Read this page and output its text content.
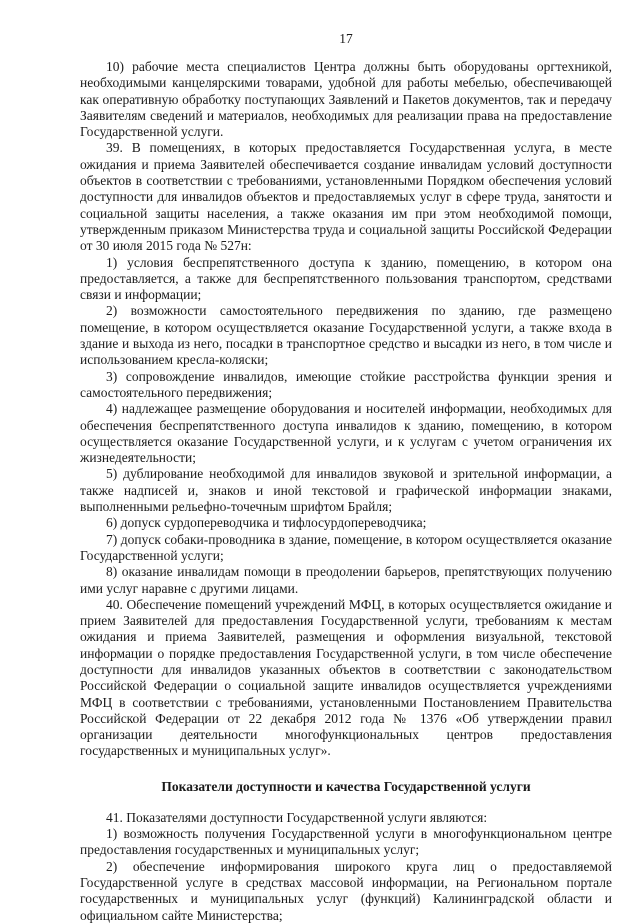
17

10) рабочие места специалистов Центра должны быть оборудованы оргтехникой, необходимыми канцелярскими товарами, удобной для работы мебелью, обеспечивающей как оперативную обработку поступающих Заявлений и Пакетов документов, так и передачу Заявителям сведений и материалов, необходимых для реализации права на предоставление Государственной услуги.

39. В помещениях, в которых предоставляется Государственная услуга, в месте ожидания и приема Заявителей обеспечивается создание инвалидам условий доступности объектов в соответствии с требованиями, установленными Порядком обеспечения условий доступности для инвалидов объектов и предоставляемых услуг в сфере труда, занятости и социальной защиты населения, а также оказания им при этом необходимой помощи, утвержденным приказом Министерства труда и социальной защиты Российской Федерации от 30 июля 2015 года № 527н:

1) условия беспрепятственного доступа к зданию, помещению, в котором она предоставляется, а также для беспрепятственного пользования транспортом, средствами связи и информации;

2) возможности самостоятельного передвижения по зданию, где размещено помещение, в котором осуществляется оказание Государственной услуги, а также входа в здание и выхода из него, посадки в транспортное средство и высадки из него, в том числе и использованием кресла-коляски;

3) сопровождение инвалидов, имеющие стойкие расстройства функции зрения и самостоятельного передвижения;

4) надлежащее размещение оборудования и носителей информации, необходимых для обеспечения беспрепятственного доступа инвалидов к зданию, помещению, в котором осуществляется оказание Государственной услуги, и к услугам с учетом ограничения их жизнедеятельности;

5) дублирование необходимой для инвалидов звуковой и зрительной информации, а также надписей и, знаков и иной текстовой и графической информации знаками, выполненными рельефно-точечным шрифтом Брайля;

6) допуск сурдопереводчика и тифлосурдопереводчика;

7) допуск собаки-проводника в здание, помещение, в котором осуществляется оказание Государственной услуги;

8) оказание инвалидам помощи в преодолении барьеров, препятствующих получению ими услуг наравне с другими лицами.

40. Обеспечение помещений учреждений МФЦ, в которых осуществляется ожидание и прием Заявителей для предоставления Государственной услуги, требованиям к местам ожидания и приема Заявителей, размещения и оформления визуальной, текстовой информации о порядке предоставления Государственной услуги, в том числе обеспечение доступности для инвалидов указанных объектов в соответствии с законодательством Российской Федерации о социальной защите инвалидов осуществляется учреждениями МФЦ в соответствии с требованиями, установленными Постановлением Правительства Российской Федерации от 22 декабря 2012 года № 1376 «Об утверждении правил организации деятельности многофункциональных центров предоставления государственных и муниципальных услуг».

Показатели доступности и качества Государственной услуги

41. Показателями доступности Государственной услуги являются:

1) возможность получения Государственной услуги в многофункциональном центре предоставления государственных и муниципальных услуг;

2) обеспечение информирования широкого круга лиц о предоставляемой Государственной услуге в средствах массовой информации, на Региональном портале государственных и муниципальных услуг (функций) Калининградской области и официальном сайте Министерства;
